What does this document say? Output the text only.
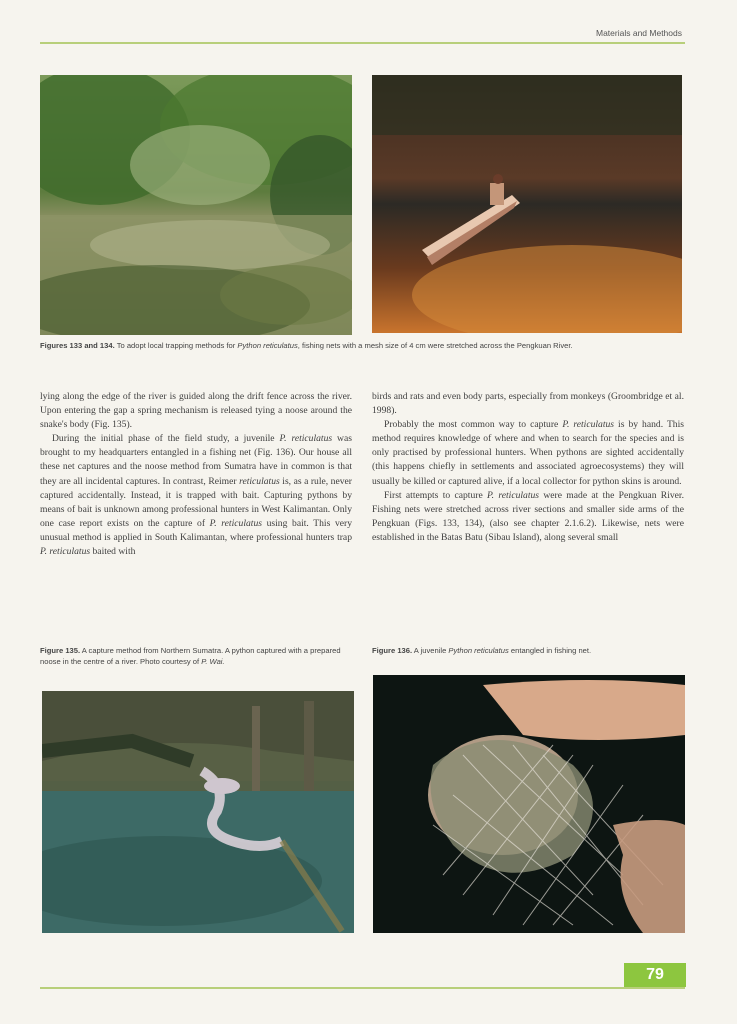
Materials and Methods
Figures 133 and 134. To adopt local trapping methods for Python reticulatus, fishing nets with a mesh size of 4 cm were stretched across the Pengkuan River.

lying along the edge of the river is guided along the drift fence across the river. Upon entering the gap a spring mechanism is released tying a noose around the snake's body (Fig. 135).

During the initial phase of the field study, a juvenile P. reticulatus was brought to my headquarters entangled in a fishing net (Fig. 136). Our house all these net captures and the noose method from Sumatra have in common is that they are all incidental captures. In contrast, Reimer reticulatus is, as a rule, never captured accidentally. Instead, it is trapped with bait. Capturing pythons by means of bait is unknown among professional hunters in West Kalimantan. Only one case report exists on the capture of P. reticulatus using bait. This very unusual method is applied in South Kalimantan, where professional hunters trap P. reticulatus baited with

birds and rats and even body parts, especially from monkeys (Groombridge et al. 1998).

Probably the most common way to capture P. reticulatus is by hand. This method requires knowledge of where and when to search for the species and is only practised by professional hunters. When pythons are sighted accidentally (this happens chiefly in settlements and associated agroecosystems) they will usually be killed or captured alive, if a local collector for python skins is around.

First attempts to capture P. reticulatus were made at the Pengkuan River. Fishing nets were stretched across river sections and smaller side arms of the Pengkuan (Figs. 133, 134), (also see chapter 2.1.6.2). Likewise, nets were established in the Batas Batu (Sibau Island), along several small

Figure 135. A capture method from Northern Sumatra. A python captured with a prepared noose in the centre of a river. Photo courtesy of P. Wai.
Figure 136. A juvenile Python reticulatus entangled in fishing net.
79
